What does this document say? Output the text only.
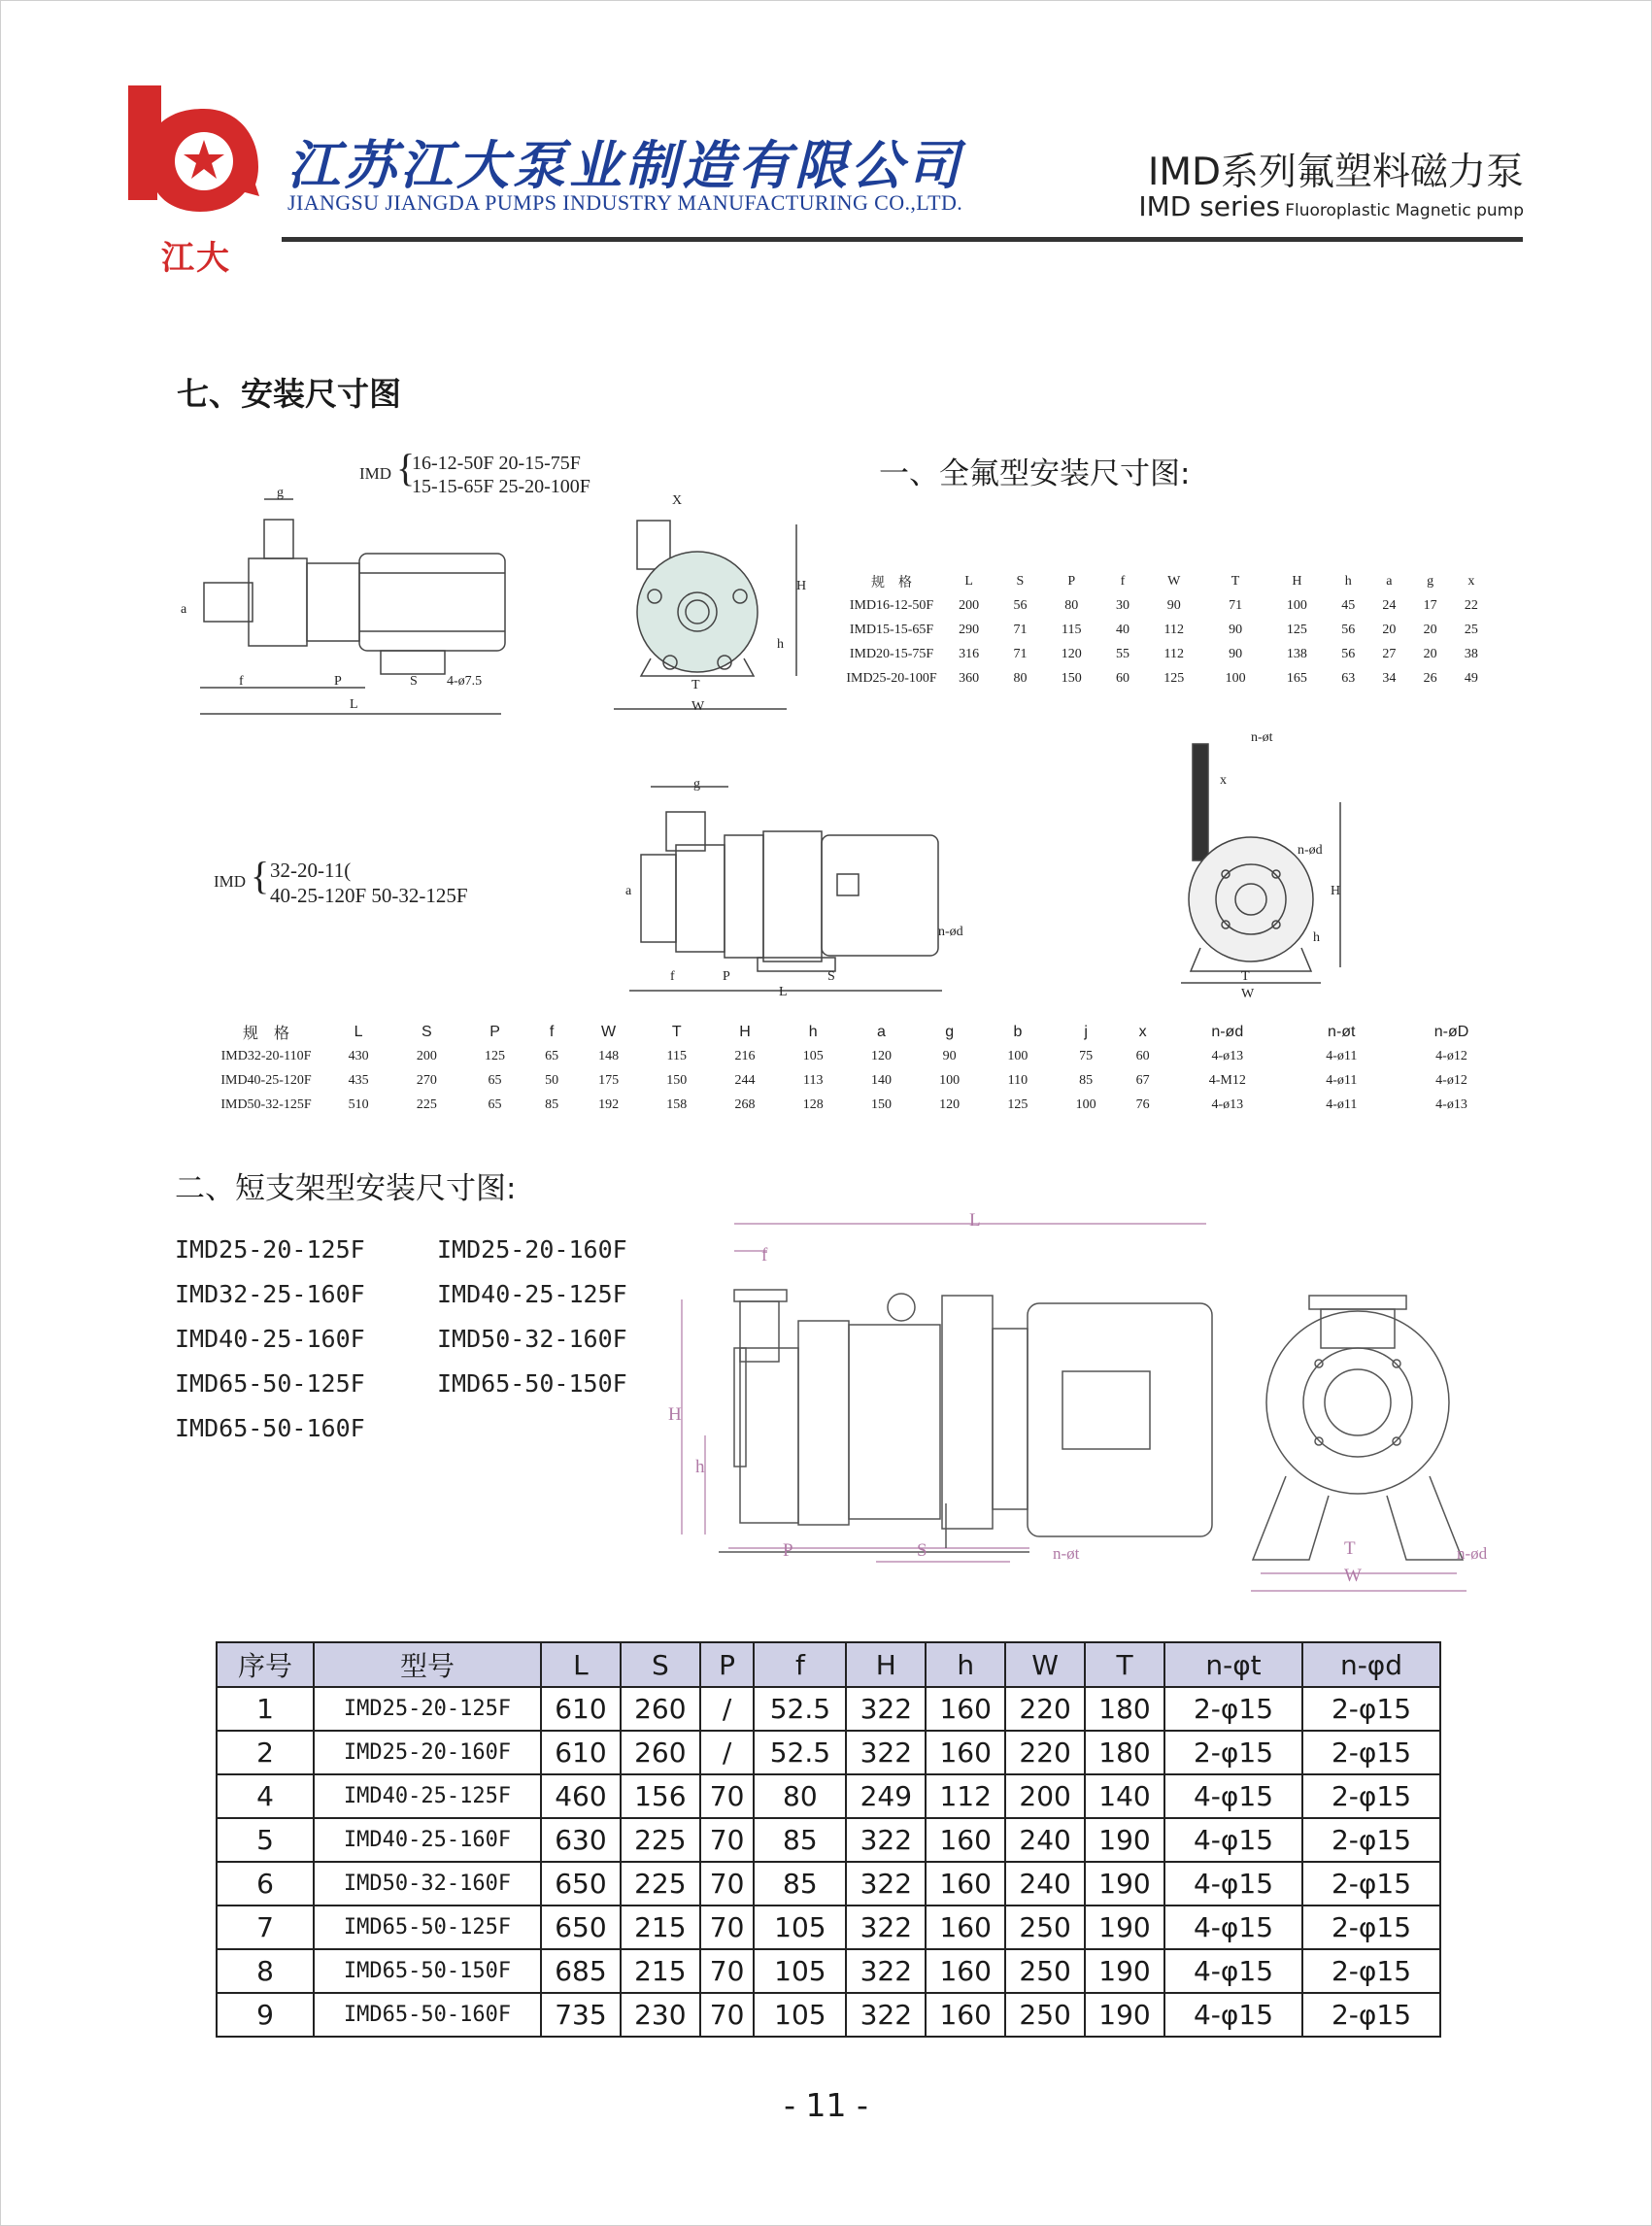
江大
江苏江大泵业制造有限公司
JIANGSU JIANGDA PUMPS INDUSTRY MANUFACTURING CO.,LTD.
IMD系列氟塑料磁力泵
IMD series Fluoroplastic Magnetic pump
七、安装尺寸图
一、全氟型安装尺寸图:
IMD {
16-12-50F 20-15-75F
15-15-65F 25-20-100F
g
a
f	P	S 4-ø7.5
L
X
H
h
T
W
规　格	L	S	P	f	W	T	H	h	a	g	x
IMD16-12-50F	200	56	80	30	90	71	100	45	24	17	22
IMD15-15-65F	290	71	115	40	112	90	125	56	20	20	25
IMD20-15-75F	316	71	120	55	112	90	138	56	27	20	38
IMD25-20-100F	360	80	150	60	125	100	165	63	34	26	49
IMD { 32-20-11(
40-25-120F 50-32-125F
g
a
f	P	S
L
n-ød
n-øt
x
n-ød
H
h
T
W
规　格	L	S	P	f	W	T	H	h	a	g	b	j	x	n-ød	n-øt	n-øD
IMD32-20-110F	430	200	125	65	148	115	216	105	120	90	100	75	60	4-ø13	4-ø11	4-ø12
IMD40-25-120F	435	270	65	50	175	150	244	113	140	100	110	85	67	4-M12	4-ø11	4-ø12
IMD50-32-125F	510	225	65	85	192	158	268	128	150	120	125	100	76	4-ø13	4-ø11	4-ø13
二、短支架型安装尺寸图:
IMD25-20-125F	IMD25-20-160F
IMD32-25-160F	IMD40-25-125F
IMD40-25-160F	IMD50-32-160F
IMD65-50-125F	IMD65-50-150F
IMD65-50-160F
L
f
H
h
P	S	n-øt	T
W
n-ød
序号	型号	L	S	P	f	H	h	W	T	n-φt	n-φd
1	IMD25-20-125F	610	260	/	52.5	322	160	220	180	2-φ15	2-φ15
2	IMD25-20-160F	610	260	/	52.5	322	160	220	180	2-φ15	2-φ15
4	IMD40-25-125F	460	156	70	80	249	112	200	140	4-φ15	2-φ15
5	IMD40-25-160F	630	225	70	85	322	160	240	190	4-φ15	2-φ15
6	IMD50-32-160F	650	225	70	85	322	160	240	190	4-φ15	2-φ15
7	IMD65-50-125F	650	215	70	105	322	160	250	190	4-φ15	2-φ15
8	IMD65-50-150F	685	215	70	105	322	160	250	190	4-φ15	2-φ15
9	IMD65-50-160F	735	230	70	105	322	160	250	190	4-φ15	2-φ15
- 11 -
